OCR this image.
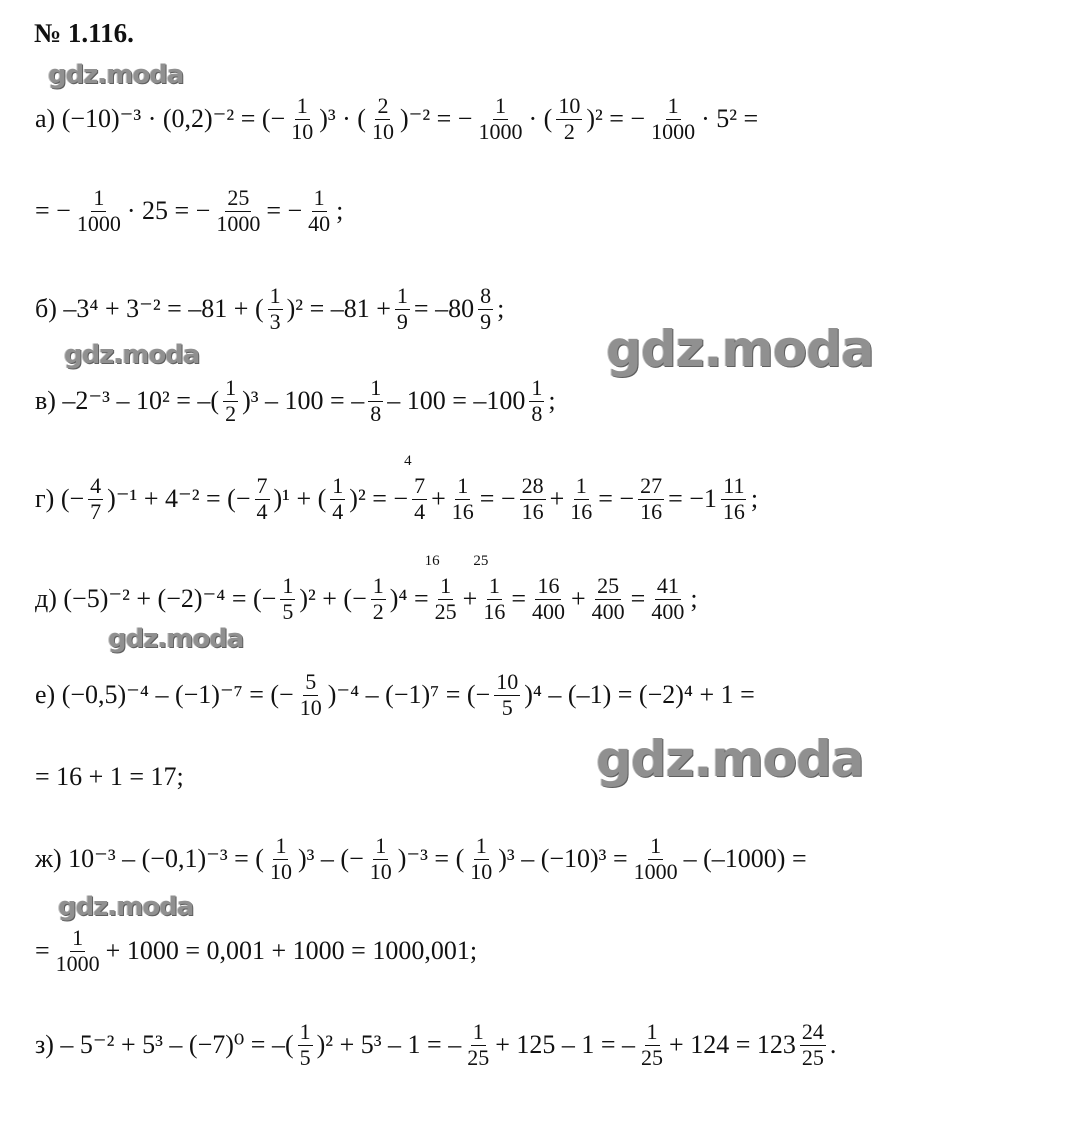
№ 1.116.
а) (−10)⁻³ · (0,2)⁻² = (− $\frac{1}{10} )^3$ · ( $\frac{2}{10} )^{-2}$ = − $\frac{1}{1000}$ · ( $\frac{10}{2} )^2$ = − $\frac{1}{1000} \cdot 5^2$ =
= − $\frac{1}{1000} \cdot 25$ = − $\frac{25}{1000}$ = − $\frac{1}{40}$ ;
б) –3⁴ + 3⁻² = –81 + ( $\frac{1}{3} )^2 = -81 + \frac{1}{9} = -80 \frac{8}{9}$ ;
в) –2⁻³ – 10² = –( $\frac{1}{2} )^3 - 100$ = – $\frac{1}{8} - 100 = -100 \frac{1}{8}$ ;
г) (− $\frac{4}{7} )^{-1} + 4^{-2}$ = (− $\frac{7}{4} )^1$ + ( $\frac{1}{4} )^2$ = −
4
7
$4 + \frac{1}{16}$ = − $\frac{28}{16} + \frac{1}{16}$ = − $\frac{27}{16} = -1 \frac{11}{16}$ ;
д) (−5)⁻² + (−2)⁻⁴ = (− $\frac{1}{5} )^2$ + (− $\frac{1}{2} )^4$ =
16
1
25 +
25
1
$16 = \frac{16}{400} + \frac{25}{400} = \frac{41}{400}$ ;
е) (−0,5)⁻⁴ – (−1)⁻⁷ = (− $\frac{5}{10} )^{-4} - (-1)^7$ = (− $\frac{10}{5} )^4 - (-1) = (-2)^4 + 1$ =
= 16 + 1 = 17;
ж) 10⁻³ – (−0,1)⁻³ = ( $\frac{1}{10} )^3$ – (− $\frac{1}{10} )^{-3}$ = ( $\frac{1}{10} )^3 - (-10)^3 = \frac{1}{1000} - (-1000)$ =
= $\frac{1}{1000} + 1000 = 0,001 + 1000 = 1000,001$;
з) – 5⁻² + 5³ – (−7)⁰ = –( $\frac{1}{5} )^2 + 5^3 - 1$ = – $\frac{1}{25} + 125 - 1$ = – $\frac{1}{25} + 124 = 123 \frac{24}{25}$ .
gdz.moda
gdz.moda	gdz.moda
gdz.moda
gdz.moda
gdz.moda
